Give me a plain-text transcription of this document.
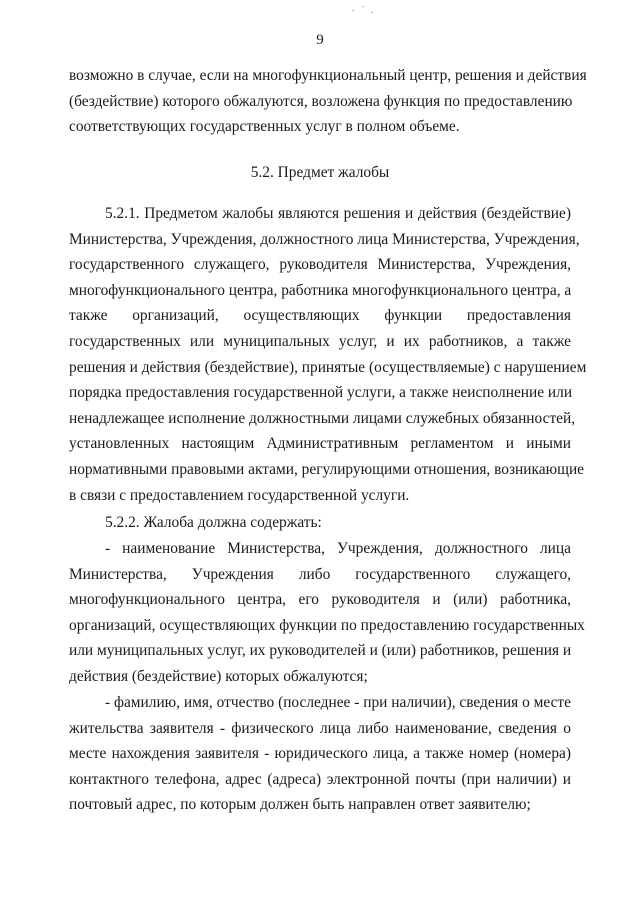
9
возможно в случае, если на многофункциональный центр, решения и действия
(бездействие) которого обжалуются, возложена функция по предоставлению
соответствующих государственных услуг в полном объеме.
5.2. Предмет жалобы
5.2.1. Предметом жалобы являются решения и действия (бездействие)
Министерства, Учреждения, должностного лица Министерства, Учреждения,
государственного служащего, руководителя Министерства, Учреждения,
многофункционального центра, работника многофункционального центра, а
также организаций, осуществляющих функции предоставления
государственных или муниципальных услуг, и их работников, а также
решения и действия (бездействие), принятые (осуществляемые) с нарушением
порядка предоставления государственной услуги, а также неисполнение или
ненадлежащее исполнение должностными лицами служебных обязанностей,
установленных настоящим Административным регламентом и иными
нормативными правовыми актами, регулирующими отношения, возникающие
в связи с предоставлением государственной услуги.
5.2.2. Жалоба должна содержать:
- наименование Министерства, Учреждения, должностного лица
Министерства, Учреждения либо государственного служащего,
многофункционального центра, его руководителя и (или) работника,
организаций, осуществляющих функции по предоставлению государственных
или муниципальных услуг, их руководителей и (или) работников, решения и
действия (бездействие) которых обжалуются;
- фамилию, имя, отчество (последнее - при наличии), сведения о месте
жительства заявителя - физического лица либо наименование, сведения о
месте нахождения заявителя - юридического лица, а также номер (номера)
контактного телефона, адрес (адреса) электронной почты (при наличии) и
почтовый адрес, по которым должен быть направлен ответ заявителю;
